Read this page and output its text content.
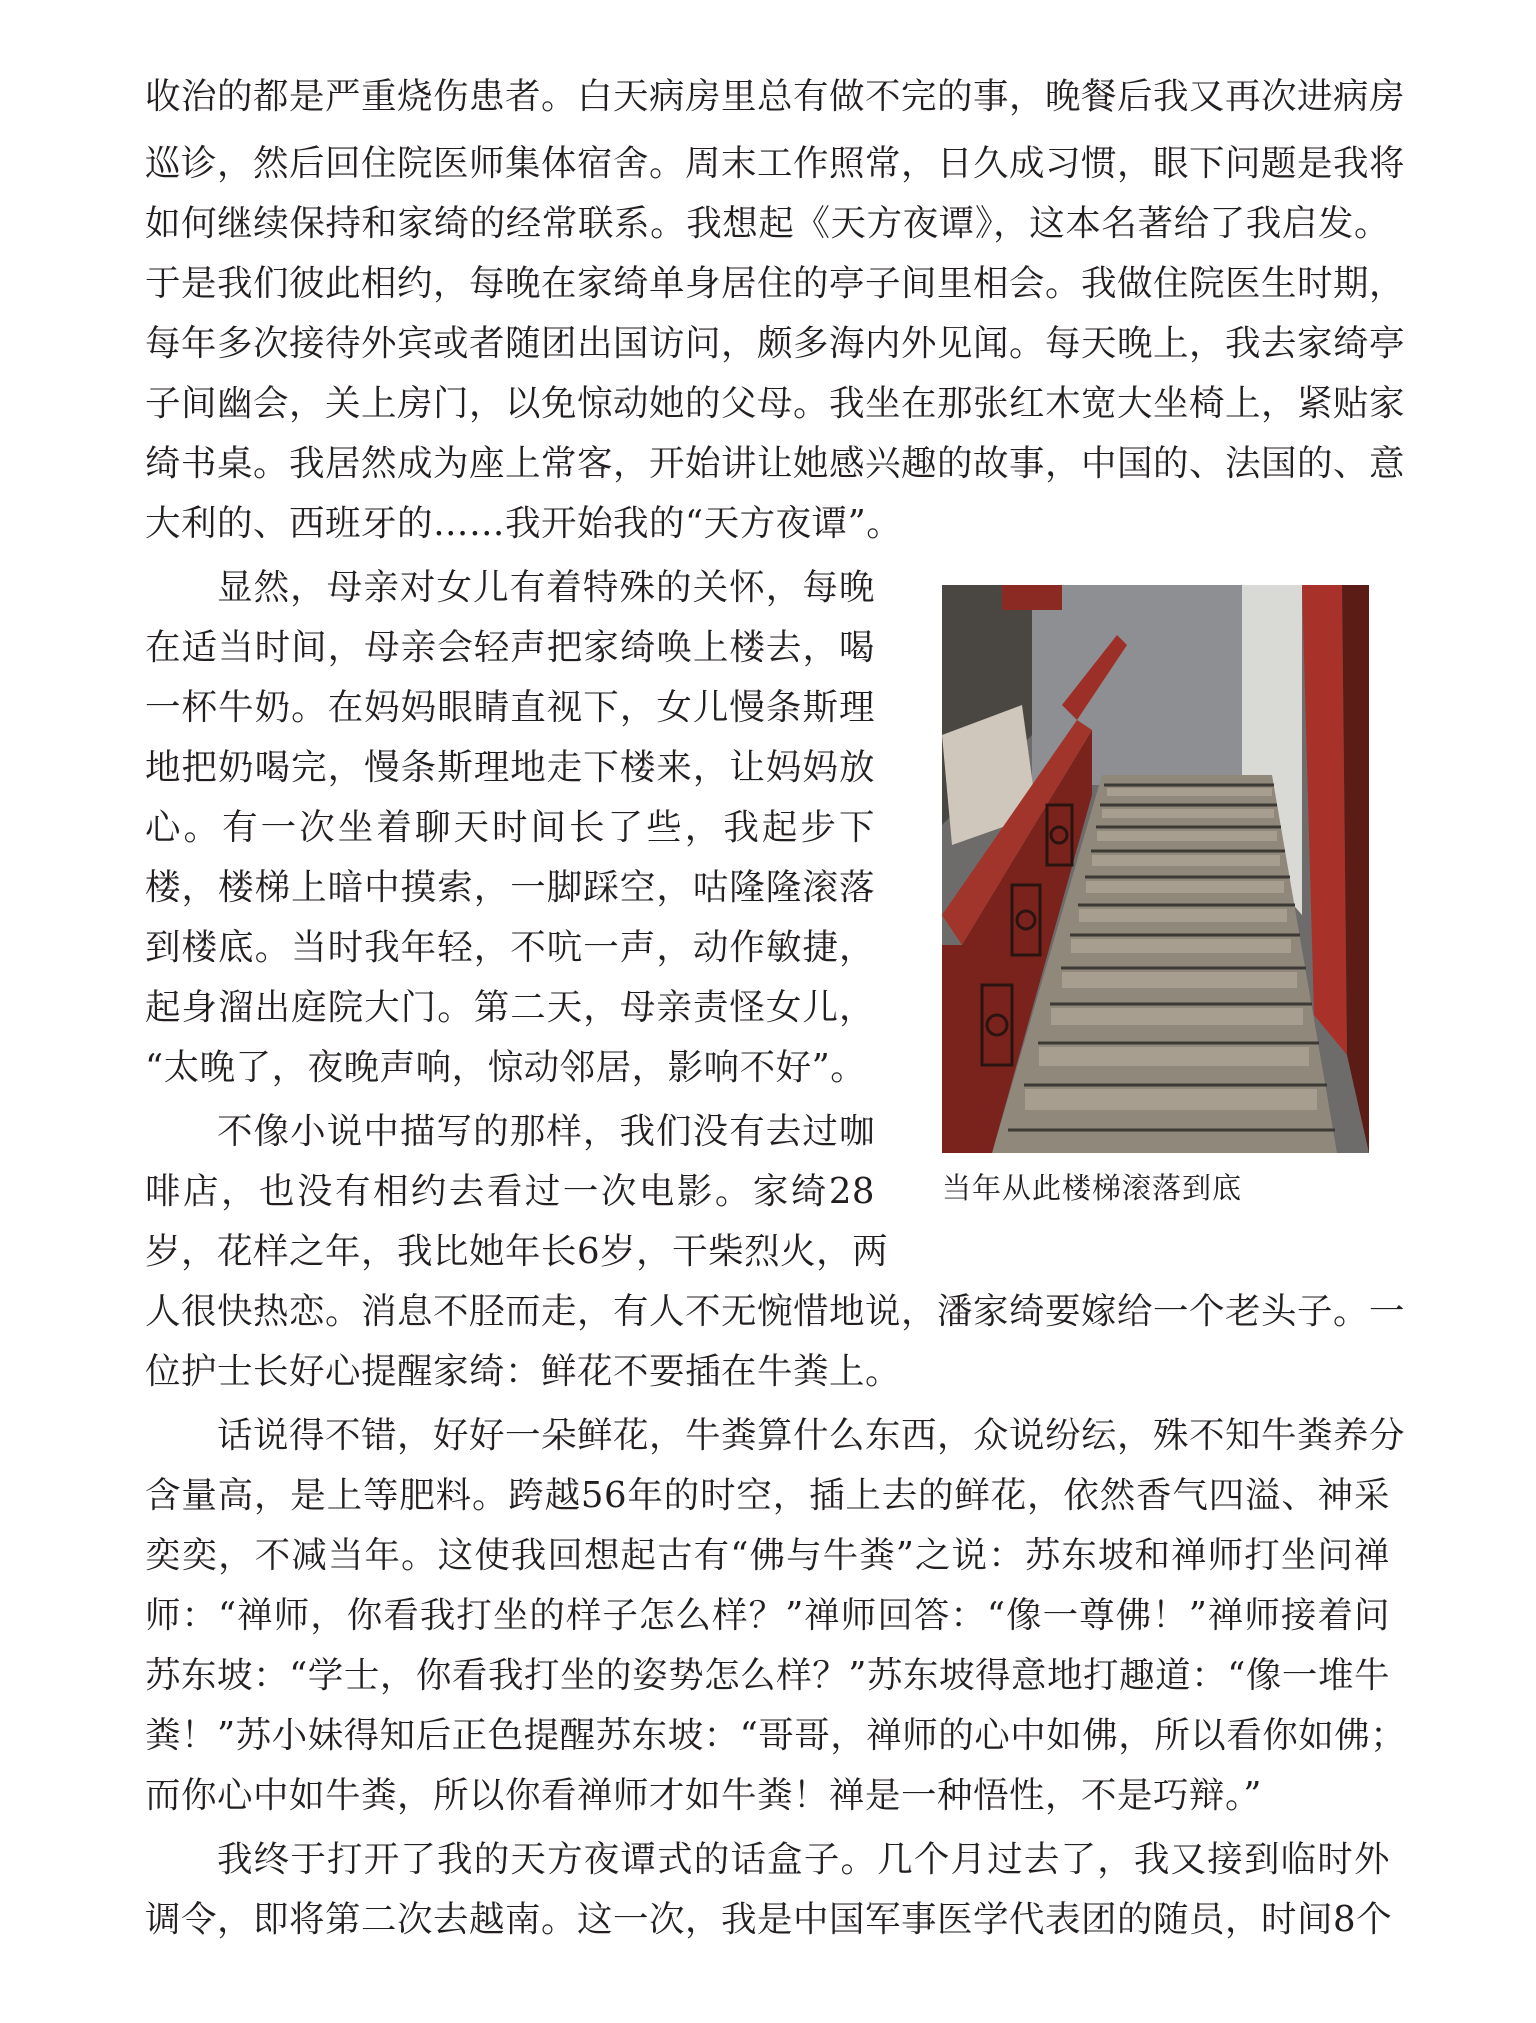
收治的都是严重烧伤患者。白天病房里总有做不完的事，晚餐后我又再次进病房
巡诊，然后回住院医师集体宿舍。周末工作照常，日久成习惯，眼下问题是我将
如何继续保持和家绮的经常联系。我想起《天方夜谭》，这本名著给了我启发。
于是我们彼此相约，每晚在家绮单身居住的亭子间里相会。我做住院医生时期，
每年多次接待外宾或者随团出国访问，颇多海内外见闻。每天晚上，我去家绮亭
子间幽会，关上房门，以免惊动她的父母。我坐在那张红木宽大坐椅上，紧贴家
绮书桌。我居然成为座上常客，开始讲让她感兴趣的故事，中国的、法国的、意
大利的、西班牙的……我开始我的“天方夜谭”。
显然，母亲对女儿有着特殊的关怀，每晚
在适当时间，母亲会轻声把家绮唤上楼去，喝
一杯牛奶。在妈妈眼睛直视下，女儿慢条斯理
地把奶喝完，慢条斯理地走下楼来，让妈妈放
心。有一次坐着聊天时间长了些，我起步下
楼，楼梯上暗中摸索，一脚踩空，咕隆隆滚落
到楼底。当时我年轻，不吭一声，动作敏捷，
起身溜出庭院大门。第二天，母亲责怪女儿，
“太晚了，夜晚声响，惊动邻居，影响不好”。
不像小说中描写的那样，我们没有去过咖
啡店，也没有相约去看过一次电影。家绮28
岁，花样之年，我比她年长6岁，干柴烈火，两
人很快热恋。消息不胫而走，有人不无惋惜地说，潘家绮要嫁给一个老头子。一
位护士长好心提醒家绮：鲜花不要插在牛粪上。
话说得不错，好好一朵鲜花，牛粪算什么东西，众说纷纭，殊不知牛粪养分
含量高，是上等肥料。跨越56年的时空，插上去的鲜花，依然香气四溢、神采
奕奕，不减当年。这使我回想起古有“佛与牛粪”之说：苏东坡和禅师打坐问禅
师：“禅师，你看我打坐的样子怎么样？”禅师回答：“像一尊佛！”禅师接着问
苏东坡：“学士，你看我打坐的姿势怎么样？”苏东坡得意地打趣道：“像一堆牛
粪！”苏小妹得知后正色提醒苏东坡：“哥哥，禅师的心中如佛，所以看你如佛；
而你心中如牛粪，所以你看禅师才如牛粪！禅是一种悟性，不是巧辩。”
我终于打开了我的天方夜谭式的话盒子。几个月过去了，我又接到临时外
调令，即将第二次去越南。这一次，我是中国军事医学代表团的随员，时间8个
当年从此楼梯滚落到底
